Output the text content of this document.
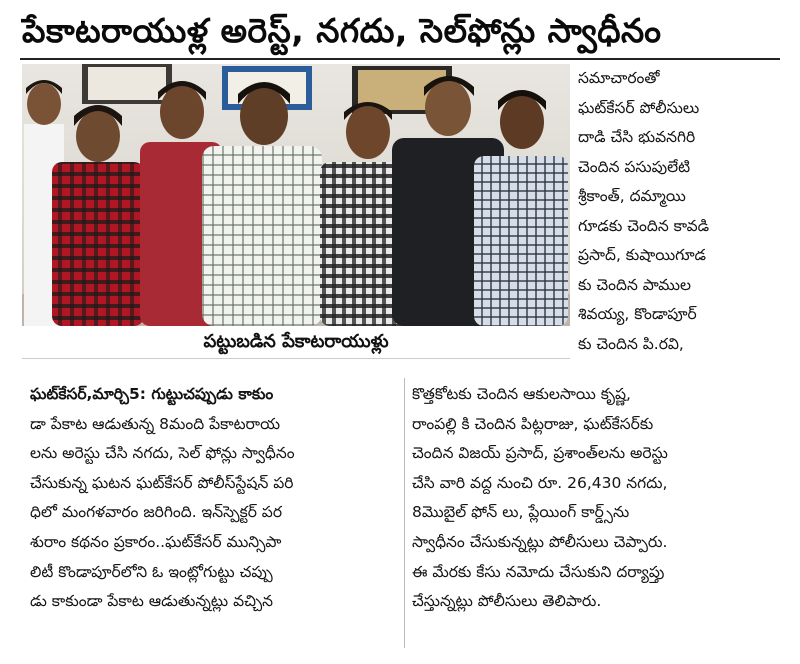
పేకాటరాయుళ్ల అరెస్ట్, నగదు, సెల్‌ఫోన్లు స్వాధీనం
పట్టుబడిన పేకాటరాయుళ్లు
సమాచారంతో
ఘట్‌కేసర్ పోలీసులు
దాడి చేసి భువనగిరి
చెందిన పసుపులేటి
శ్రీకాంత్, దమ్మాయి
గూడకు చెందిన కావడి
ప్రసాద్, కుషాయిగూడ
కు చెందిన పాముల
శివయ్య, కొండాపూర్
కు చెందిన పి.రవి,
ఘట్‌కేసర్,మార్చి5: గుట్టుచప్పుడు కాకుం
డా పేకాట ఆడుతున్న 8మంది పేకాటరాయ
లను అరెస్టు చేసి నగదు, సెల్ ఫోన్లు స్వాధీనం
చేసుకున్న ఘటన ఘట్‌కేసర్ పోలీస్‌స్టేషన్ పరి
ధిలో మంగళవారం జరిగింది. ఇన్‌స్పెక్టర్ పర
శురాం కథనం ప్రకారం..ఘట్‌కేసర్ మున్సిపా
లిటీ కొండాపూర్‌లోని ఓ ఇంట్లోగుట్టు చప్పు
డు కాకుండా పేకాట ఆడుతున్నట్లు వచ్చిన
కొత్తకోటకు చెందిన ఆకులసాయి కృష్ణ,
రాంపల్లి కి చెందిన పిట్లరాజు, ఘట్‌కేసర్‌కు
చెందిన విజయ్ ప్రసాద్, ప్రశాంత్‌లను అరెస్టు
చేసి వారి వద్ద నుంచి రూ. 26,430 నగదు,
8మొబైల్ ఫోన్ లు, ప్లేయింగ్ కార్డ్స్‌ను
స్వాధీనం చేసుకున్నట్లు పోలీసులు చెప్పారు.
ఈ మేరకు కేసు నమోదు చేసుకుని దర్యాప్తు
చేస్తున్నట్లు పోలీసులు తెలిపారు.
